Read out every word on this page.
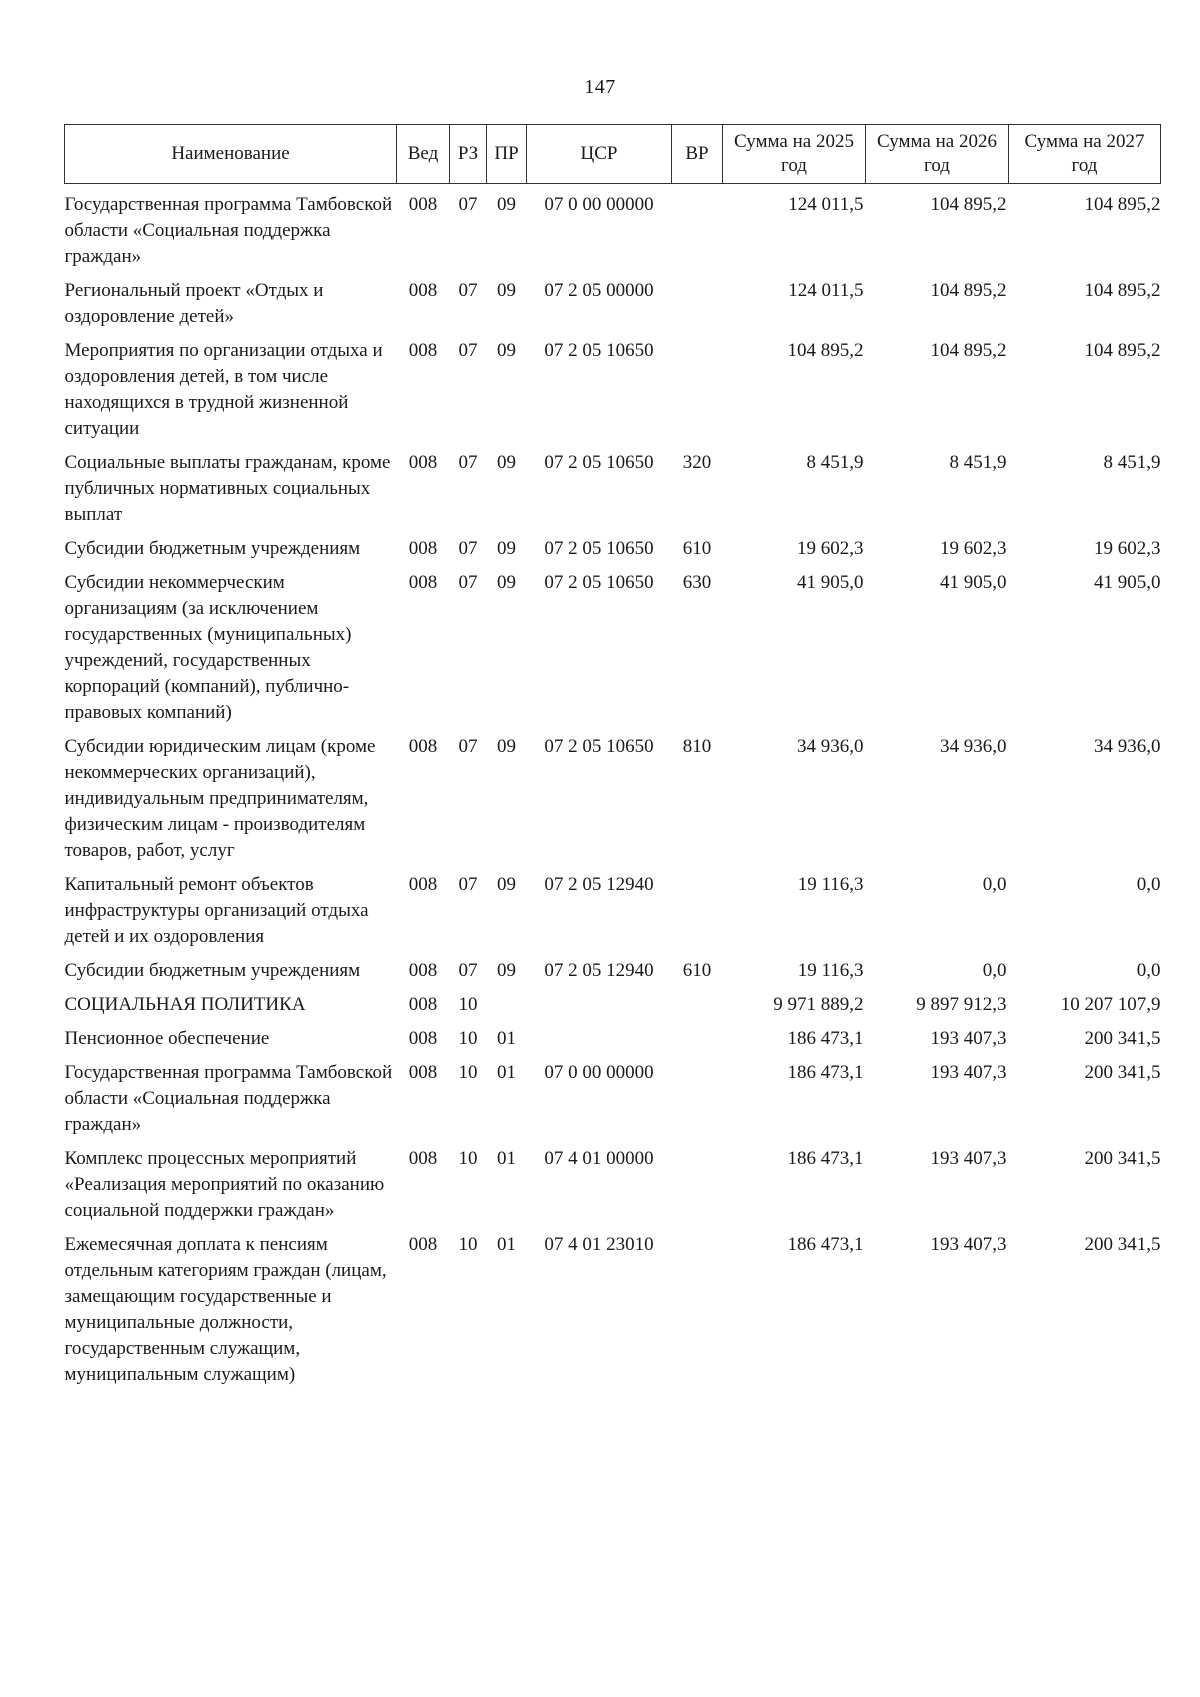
147
Наименование	Вед	РЗ	ПР	ЦСР	ВР	Сумма на 2025 год	Сумма на 2026 год	Сумма на 2027 год
Государственная программа Тамбовской области «Социальная поддержка граждан»	008	07	09	07 0 00 00000		124 011,5	104 895,2	104 895,2
Региональный проект «Отдых и оздоровление детей»	008	07	09	07 2 05 00000		124 011,5	104 895,2	104 895,2
Мероприятия по организации отдыха и оздоровления детей, в том числе находящихся в трудной жизненной ситуации	008	07	09	07 2 05 10650		104 895,2	104 895,2	104 895,2
Социальные выплаты гражданам, кроме публичных нормативных социальных выплат	008	07	09	07 2 05 10650	320	8 451,9	8 451,9	8 451,9
Субсидии бюджетным учреждениям	008	07	09	07 2 05 10650	610	19 602,3	19 602,3	19 602,3
Субсидии некоммерческим организациям (за исключением государственных (муниципальных) учреждений, государственных корпораций (компаний), публично-правовых компаний)	008	07	09	07 2 05 10650	630	41 905,0	41 905,0	41 905,0
Субсидии юридическим лицам (кроме некоммерческих организаций), индивидуальным предпринимателям, физическим лицам - производителям товаров, работ, услуг	008	07	09	07 2 05 10650	810	34 936,0	34 936,0	34 936,0
Капитальный ремонт объектов инфраструктуры организаций отдыха детей и их оздоровления	008	07	09	07 2 05 12940		19 116,3	0,0	0,0
Субсидии бюджетным учреждениям	008	07	09	07 2 05 12940	610	19 116,3	0,0	0,0
СОЦИАЛЬНАЯ ПОЛИТИКА	008	10				9 971 889,2	9 897 912,3	10 207 107,9
Пенсионное обеспечение	008	10	01			186 473,1	193 407,3	200 341,5
Государственная программа Тамбовской области «Социальная поддержка граждан»	008	10	01	07 0 00 00000		186 473,1	193 407,3	200 341,5
Комплекс процессных мероприятий «Реализация мероприятий по оказанию социальной поддержки граждан»	008	10	01	07 4 01 00000		186 473,1	193 407,3	200 341,5
Ежемесячная доплата к пенсиям отдельным категориям граждан (лицам, замещающим государственные и муниципальные должности, государственным служащим, муниципальным служащим)	008	10	01	07 4 01 23010		186 473,1	193 407,3	200 341,5
